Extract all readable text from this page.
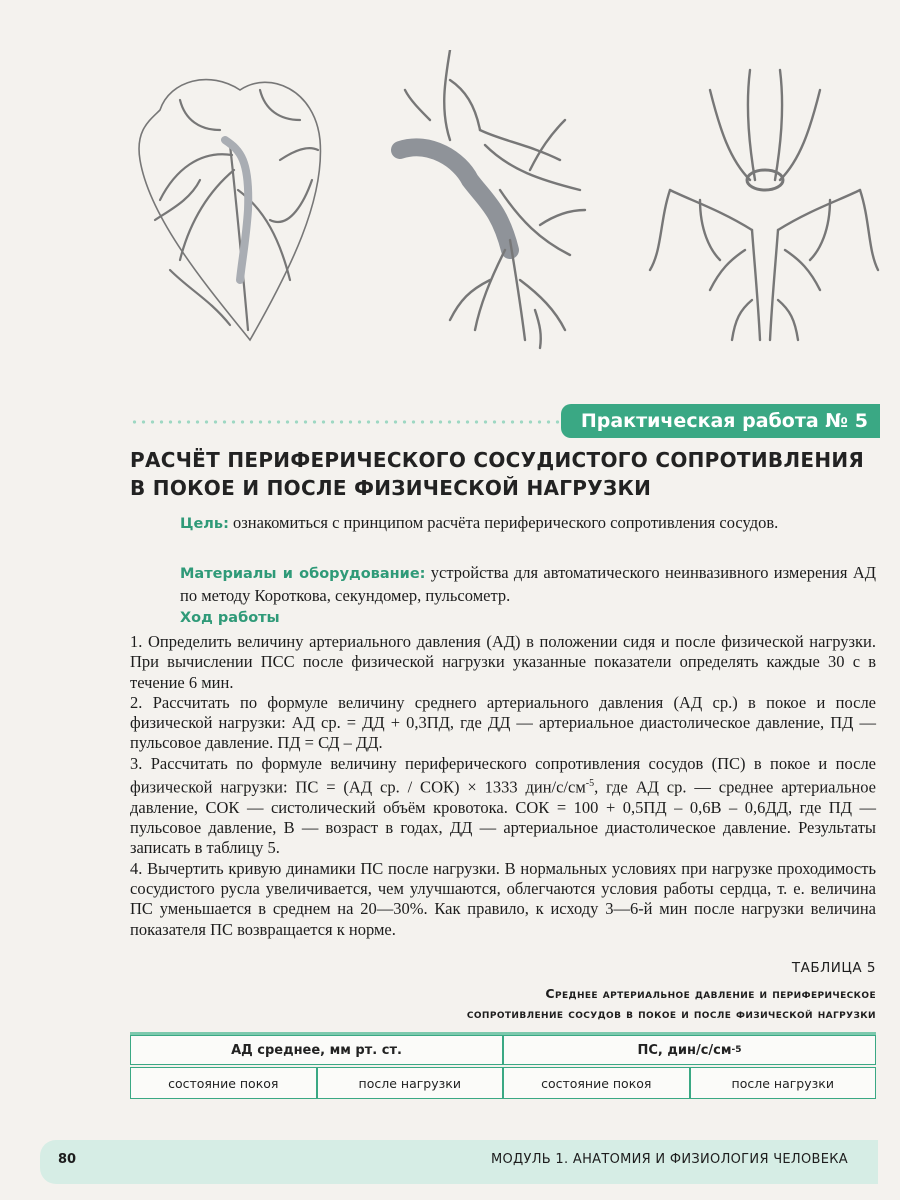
Практическая работа № 5
РАСЧЁТ ПЕРИФЕРИЧЕСКОГО СОСУДИСТОГО СОПРОТИВЛЕНИЯ
В ПОКОЕ И ПОСЛЕ ФИЗИЧЕСКОЙ НАГРУЗКИ

Цель: ознакомиться с принципом расчёта периферического сопротивления сосудов.

Материалы и оборудование: устройства для автоматического неинвазивного измерения АД по методу Короткова, секундомер, пульсометр.

Ход работы

1. Определить величину артериального давления (АД) в положении сидя и после физической нагрузки. При вычислении ПСС после физической нагрузки указанные показатели определять каждые 30 с в течение 6 мин.

2. Рассчитать по формуле величину среднего артериального давления (АД ср.) в покое и после физической нагрузки: АД ср. = ДД + 0,3ПД, где ДД — артериальное диастолическое давление, ПД — пульсовое давление. ПД = СД – ДД.

3. Рассчитать по формуле величину периферического сопротивления сосудов (ПС) в покое и после физической нагрузки: ПС = (АД ср. / СОК) × 1333 дин/$с/см^{-5}$, где АД ср. — среднее артериальное давление, СОК — систолический объём кровотока. СОК = 100 + 0,5ПД – 0,6В – 0,6ДД, где ПД — пульсовое давление, В — возраст в годах, ДД — артериальное диастолическое давление. Результаты записать в таблицу 5.

4. Вычертить кривую динамики ПС после нагрузки. В нормальных условиях при нагрузке проходимость сосудистого русла увеличивается, чем улучшаются, облегчаются условия работы сердца, т. е. величина ПС уменьшается в среднем на 20—30%. Как правило, к исходу 3—6-й мин после нагрузки величина показателя ПС возвращается к норме.

ТАБЛИЦА 5
Среднее артериальное давление и периферическое
сопротивление сосудов в покое и после физической нагрузки
АД среднее, мм рт. ст.	ПС, дин/с/см -5
состояние покоя	после нагрузки	состояние покоя	после нагрузки
80	МОДУЛЬ 1. АНАТОМИЯ И ФИЗИОЛОГИЯ ЧЕЛОВЕКА
